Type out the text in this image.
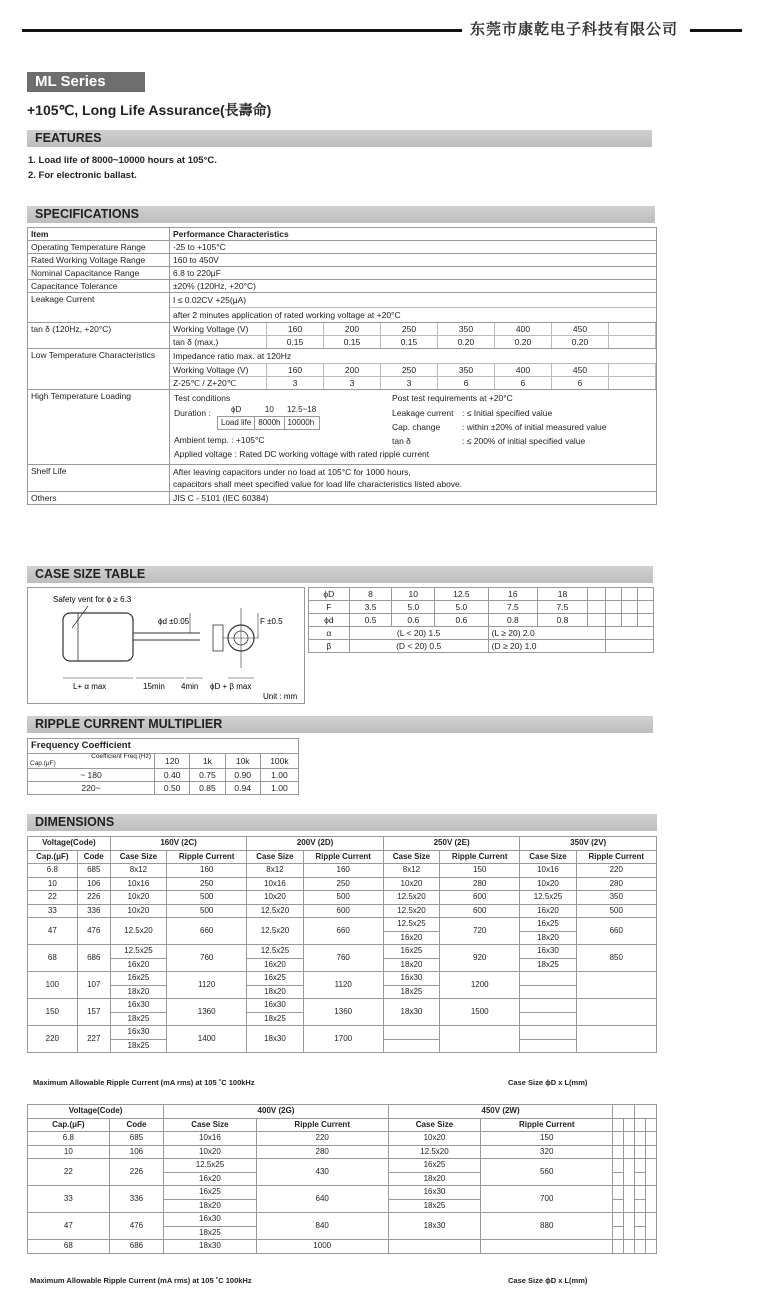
东莞市康乾电子科技有限公司
ML Series
+105℃, Long Life Assurance(長壽命)
FEATURES
1. Load life of 8000~10000 hours at 105°C.
2. For electronic ballast.
SPECIFICATIONS
Item	Performance Characteristics
Operating Temperature Range	-25 to +105°C
Rated Working Voltage Range	160 to 450V
Nominal Capacitance Range	6.8 to 220μF
Capacitance Tolerance	±20% (120Hz, +20°C)
Leakage Current	I ≤ 0.02CV +25(μA)
after 2 minutes application of rated working voltage at +20°C

tan δ (120Hz, +20°C)		Working Voltage (V)	160	200	250	350	400	450	
tan δ (max.)	0.15	0.15	0.15	0.20	0.20	0.20	

Low Temperature Characteristics	Impedance ratio max. at 120Hz
Working Voltage (V)	160	200	250	350	400	450	
Z-25℃ / Z+20℃	3	3	3	6	6	6	

High Temperature Loading	Test conditions
Duration :	ϕD	10	12.5~18
Load life	8000h	10000h
Ambient temp. : +105°C
Applied voltage : Rated DC working voltage with rated ripple current
Post test requirements at +20°C
Leakage current : ≤ Initial specified value
Cap. change	: within ±20% of initial measured value
tan δ	: ≤ 200% of initial specified value

Shelf Life	After leaving capacitors under no load at 105°C for 1000 hours,
capacitors shall meet specified value for load life characteristics listed above.

Others	JIS C - 5101 (IEC 60384)
CASE SIZE TABLE
Safety vent for ϕ ≥ 6.3
ϕd ±0.05	F ±0.5
L+ α max	15min 4min ϕD + β max
Unit : mm
ϕD	8	10	12.5	16	18				
F	3.5	5.0	5.0	7.5	7.5				
ϕd	0.5	0.6	0.6	0.8	0.8				
α	(L < 20) 1.5			(L ≥ 20) 2.0					
β	(D < 20) 0.5			(D ≥ 20) 1.0					
RIPPLE CURRENT MULTIPLIER
Frequency Coefficient				

Coefficient Freq.(Hz)
Cap.(μF)	120	1k	10k	100k
~ 180	0.40	0.75	0.90	1.00
220~	0.50	0.85	0.94	1.00
DIMENSIONS
Voltage(Code)		160V (2C)		200V (2D)		250V (2E)		350V (2V)	
Cap.(μF)	Code	Case Size	Ripple Current	Case Size	Ripple Current	Case Size	Ripple Current	Case Size	Ripple Current
6.8	685	8x12	160	8x12	160	8x12	150	10x16	220
10	106	10x16	250	10x16	250	10x20	280	10x20	280
22	226	10x20	500	10x20	500	12.5x20	600	12.5x25	350
33	336	10x20	500	12.5x20	600	12.5x20	600	16x20	500
47	476	12.5x20	660	12.5x20	660	12.5x25	720	16x25	660
						16x20		18x20	
68	686	12.5x25	760	12.5x25	760	16x25	920	16x30	850
		16x20		16x20		18x20		18x25	
100	107	16x25	1120	16x25	1120	16x30	1200		
		18x20		18x20		18x25			
150	157	16x30	1360	16x30	1360	18x30	1500		
		18x25		18x25					
220	227	16x30	1400	18x30	1700				
		18x25							
Maximum Allowable Ripple Current (mA rms) at 105 ˚C 100kHz	Case Size ϕD x L(mm)
Voltage(Code)		400V (2G)		450V (2W)					
Cap.(μF)	Code	Case Size	Ripple Current	Case Size	Ripple Current				
6.8	685	10x16	220	10x20	150				
10	106	10x20	280	12.5x20	320				
22	226	12.5x25	430	16x25	560				
		16x20		18x20					
33	336	16x25	640	16x30	700				
		18x20		18x25					
47	476	16x30	840	18x30	880				
		18x25							
68	686	18x30	1000						
Maximum Allowable Ripple Current (mA rms) at 105 ˚C 100kHz	Case Size ϕD x L(mm)
